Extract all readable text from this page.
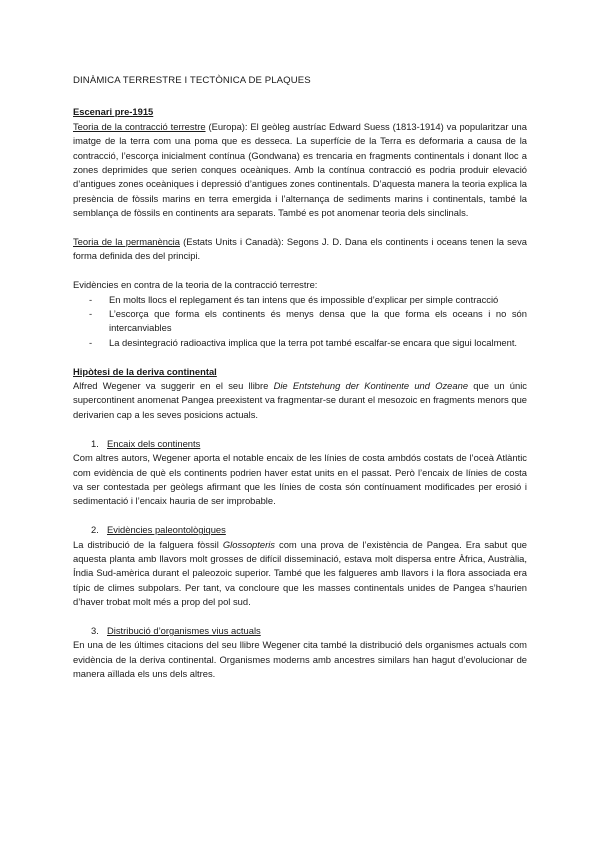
DINÀMICA TERRESTRE I TECTÒNICA DE PLAQUES
Escenari pre-1915

Teoria de la contracció terrestre (Europa): El geòleg austríac Edward Suess (1813-1914) va popularitzar una imatge de la terra com una poma que es desseca. La superfície de la Terra es deformaria a causa de la contracció, l’escorça inicialment contínua (Gondwana) es trencaria en fragments continentals i donant lloc a zones deprimides que serien conques oceàniques. Amb la contínua contracció es podria produir elevació d’antigues zones oceàniques i depressió d’antigues zones continentals. D’aquesta manera la teoria explica la presència de fòssils marins en terra emergida i l’alternança de sediments marins i continentals, també la semblança de fòssils en continents ara separats. També es pot anomenar teoria dels sinclinals.

Teoria de la permanència (Estats Units i Canadà): Segons J. D. Dana els continents i oceans tenen la seva forma definida des del principi.

Evidències en contra de la teoria de la contracció terrestre:

- En molts llocs el replegament és tan intens que és impossible d’explicar per simple contracció
- L’escorça que forma els continents és menys densa que la que forma els oceans i no són intercanviables
- La desintegració radioactiva implica que la terra pot també escalfar-se encara que sigui localment.
Hipòtesi de la deriva continental

Alfred Wegener va suggerir en el seu llibre Die Entstehung der Kontinente und Ozeane que un únic supercontinent anomenat Pangea preexistent va fragmentar-se durant el mesozoic en fragments menors que derivarien cap a les seves posicions actuals.

1. Encaix dels continents

Com altres autors, Wegener aporta el notable encaix de les línies de costa ambdós costats de l’oceà Atlàntic com evidència de què els continents podrien haver estat units en el passat. Però l’encaix de línies de costa va ser contestada per geòlegs afirmant que les línies de costa són contínuament modificades per erosió i sedimentació i l’encaix hauria de ser improbable.

2. Evidències paleontològiques

La distribució de la falguera fòssil Glossopteris com una prova de l’existència de Pangea. Era sabut que aquesta planta amb llavors molt grosses de difícil disseminació, estava molt dispersa entre Àfrica, Austràlia, Índia Sud-amèrica durant el paleozoic superior. També que les falgueres amb llavors i la flora associada era típic de climes subpolars. Per tant, va concloure que les masses continentals unides de Pangea s’haurien d’haver trobat molt més a prop del pol sud.

3. Distribució d’organismes vius actuals

En una de les últimes citacions del seu llibre Wegener cita també la distribució dels organismes actuals com evidència de la deriva continental. Organismes moderns amb ancestres similars han hagut d’evolucionar de manera aïllada els uns dels altres.
